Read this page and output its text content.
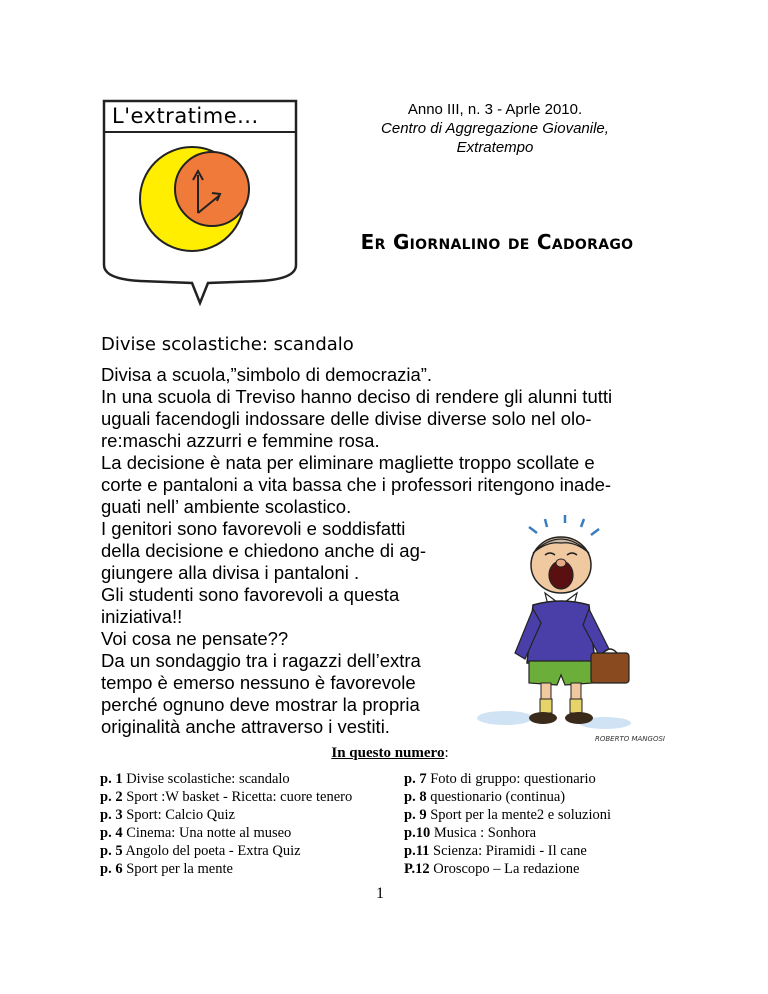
L'extratime...	Anno III, n. 3 - Aprle 2010.

Centro di Aggregazione Giovanile,
Extratempo
Er Giornalino de Cadorago
Divise scolastiche: scandalo
Divisa a scuola,”simbolo di democrazia”.
In una scuola di Treviso hanno deciso di rendere gli alunni tutti
uguali facendogli indossare delle divise diverse solo nel olo-
re:maschi azzurri e femmine rosa.
La decisione è nata per eliminare magliette troppo scollate e
corte e pantaloni a vita bassa che i professori ritengono inade-
guati nell’ ambiente scolastico.
I genitori sono favorevoli e soddisfatti
della decisione e chiedono anche di ag-
giungere alla divisa i pantaloni .
Gli studenti sono favorevoli a questa
iniziativa!!
Voi cosa ne pensate??
Da un sondaggio tra i ragazzi dell’extra
tempo è emerso nessuno è favorevole
perché ognuno deve mostrar la propria
originalità anche attraverso i vestiti.
ROBERTO MANGOSI
In questo numero:
p. 1 Divise scolastiche: scandalo
p. 2 Sport :W basket - Ricetta: cuore tenero
p. 3 Sport: Calcio Quiz
p. 4 Cinema: Una notte al museo
p. 5 Angolo del poeta - Extra Quiz
p. 6 Sport per la mente
p. 7 Foto di gruppo: questionario
p. 8 questionario (continua)
p. 9 Sport per la mente2 e soluzioni
p.10 Musica : Sonhora
p.11 Scienza: Piramidi - Il cane
P.12 Oroscopo – La redazione
1
